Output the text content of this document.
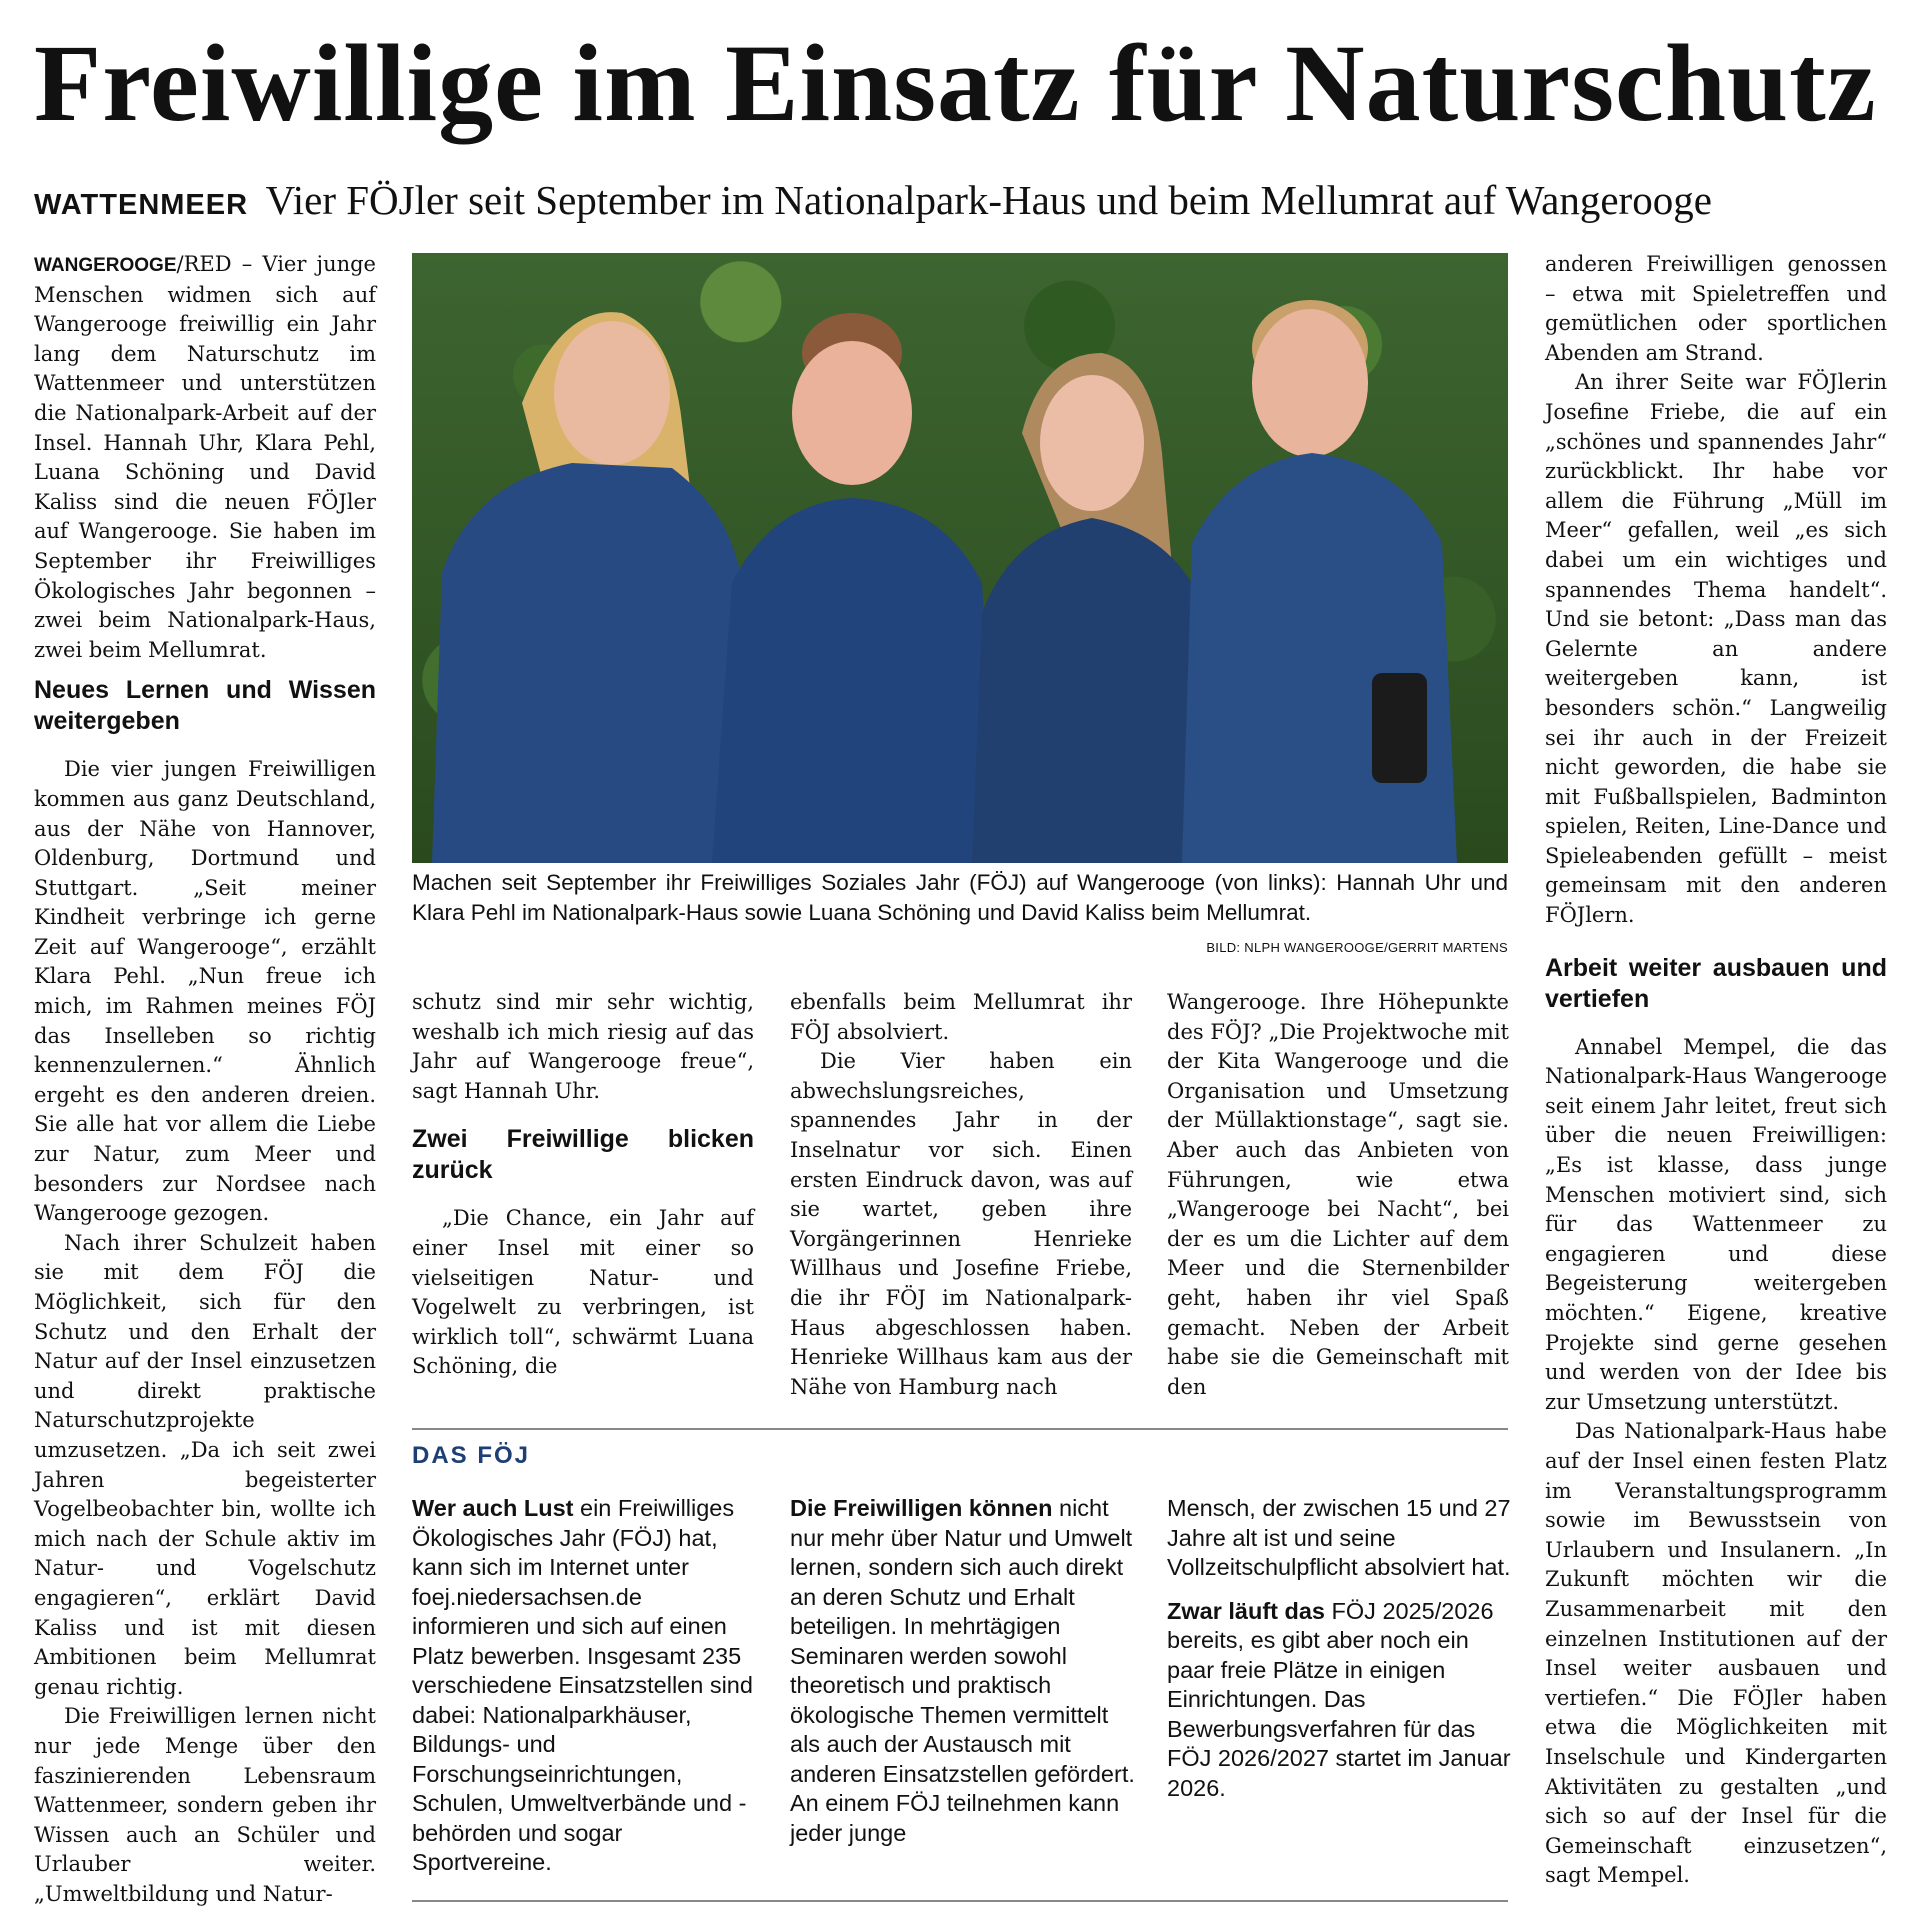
Freiwillige im Einsatz für Naturschutz
WATTENMEER Vier FÖJler seit September im Nationalpark-Haus und beim Mellumrat auf Wangerooge

WANGEROOGE/RED – Vier junge Menschen widmen sich auf Wangerooge freiwillig ein Jahr lang dem Naturschutz im Wattenmeer und unterstützen die Nationalpark-Arbeit auf der Insel. Hannah Uhr, Klara Pehl, Luana Schöning und David Kaliss sind die neuen FÖJler auf Wangerooge. Sie haben im September ihr Freiwilliges Ökologisches Jahr begonnen – zwei beim Nationalpark-Haus, zwei beim Mellumrat.

Neues Lernen und Wissen weitergeben

Die vier jungen Freiwilligen kommen aus ganz Deutschland, aus der Nähe von Hannover, Oldenburg, Dortmund und Stuttgart. „Seit meiner Kindheit verbringe ich gerne Zeit auf Wangerooge“, erzählt Klara Pehl. „Nun freue ich mich, im Rahmen meines FÖJ das Inselleben so richtig kennenzulernen.“ Ähnlich ergeht es den anderen dreien. Sie alle hat vor allem die Liebe zur Natur, zum Meer und besonders zur Nordsee nach Wangerooge gezogen.

Nach ihrer Schulzeit haben sie mit dem FÖJ die Möglichkeit, sich für den Schutz und den Erhalt der Natur auf der Insel einzusetzen und direkt praktische Naturschutzprojekte umzusetzen. „Da ich seit zwei Jahren begeisterter Vogelbeobachter bin, wollte ich mich nach der Schule aktiv im Natur- und Vogelschutz engagieren“, erklärt David Kaliss und ist mit diesen Ambitionen beim Mellumrat genau richtig.

Die Freiwilligen lernen nicht nur jede Menge über den faszinierenden Lebensraum Wattenmeer, sondern geben ihr Wissen auch an Schüler und Urlauber weiter. „Umweltbildung und Natur-

Machen seit September ihr Freiwilliges Soziales Jahr (FÖJ) auf Wangerooge (von links): Hannah Uhr und Klara Pehl im Nationalpark-Haus sowie Luana Schöning und David Kaliss beim Mellumrat.
BILD: NLPH WANGEROOGE/GERRIT MARTENS

schutz sind mir sehr wichtig, weshalb ich mich riesig auf das Jahr auf Wangerooge freue“, sagt Hannah Uhr.

Zwei Freiwillige blicken zurück

„Die Chance, ein Jahr auf einer Insel mit einer so vielseitigen Natur- und Vogelwelt zu verbringen, ist wirklich toll“, schwärmt Luana Schöning, die

ebenfalls beim Mellumrat ihr FÖJ absolviert.

Die Vier haben ein abwechslungsreiches, spannendes Jahr in der Inselnatur vor sich. Einen ersten Eindruck davon, was auf sie wartet, geben ihre Vorgängerinnen Henrieke Willhaus und Josefine Friebe, die ihr FÖJ im Nationalpark-Haus abgeschlossen haben. Henrieke Willhaus kam aus der Nähe von Hamburg nach

Wangerooge. Ihre Höhepunkte des FÖJ? „Die Projektwoche mit der Kita Wangerooge und die Organisation und Umsetzung der Müllaktionstage“, sagt sie. Aber auch das Anbieten von Führungen, wie etwa „Wangerooge bei Nacht“, bei der es um die Lichter auf dem Meer und die Sternenbilder geht, haben ihr viel Spaß gemacht. Neben der Arbeit habe sie die Gemeinschaft mit den

anderen Freiwilligen genossen – etwa mit Spieletreffen und gemütlichen oder sportlichen Abenden am Strand.

An ihrer Seite war FÖJlerin Josefine Friebe, die auf ein „schönes und spannendes Jahr“ zurückblickt. Ihr habe vor allem die Führung „Müll im Meer“ gefallen, weil „es sich dabei um ein wichtiges und spannendes Thema handelt“. Und sie betont: „Dass man das Gelernte an andere weitergeben kann, ist besonders schön.“ Langweilig sei ihr auch in der Freizeit nicht geworden, die habe sie mit Fußballspielen, Badminton spielen, Reiten, Line-Dance und Spieleabenden gefüllt – meist gemeinsam mit den anderen FÖJlern.

Arbeit weiter ausbauen und vertiefen

Annabel Mempel, die das Nationalpark-Haus Wangerooge seit einem Jahr leitet, freut sich über die neuen Freiwilligen: „Es ist klasse, dass junge Menschen motiviert sind, sich für das Wattenmeer zu engagieren und diese Begeisterung weitergeben möchten.“ Eigene, kreative Projekte sind gerne gesehen und werden von der Idee bis zur Umsetzung unterstützt.

Das Nationalpark-Haus habe auf der Insel einen festen Platz im Veranstaltungsprogramm sowie im Bewusstsein von Urlaubern und Insulanern. „In Zukunft möchten wir die Zusammenarbeit mit den einzelnen Institutionen auf der Insel weiter ausbauen und vertiefen.“ Die FÖJler haben etwa die Möglichkeiten mit Inselschule und Kindergarten Aktivitäten zu gestalten „und sich so auf der Insel für die Gemeinschaft einzusetzen“, sagt Mempel.

DAS FÖJ
Wer auch Lust ein Freiwilliges Ökologisches Jahr (FÖJ) hat, kann sich im Internet unter foej.niedersachsen.de informieren und sich auf einen Platz bewerben. Insgesamt 235 verschiedene Einsatzstellen sind dabei: Nationalparkhäuser, Bildungs- und Forschungseinrichtungen, Schulen, Umweltverbände und -behörden und sogar Sportvereine.
Die Freiwilligen können nicht nur mehr über Natur und Umwelt lernen, sondern sich auch direkt an deren Schutz und Erhalt beteiligen. In mehrtägigen Seminaren werden sowohl theoretisch und praktisch ökologische Themen vermittelt als auch der Austausch mit anderen Einsatzstellen gefördert. An einem FÖJ teilnehmen kann jeder junge
Mensch, der zwischen 15 und 27 Jahre alt ist und seine Vollzeitschulpflicht absolviert hat.
Zwar läuft das FÖJ 2025/2026 bereits, es gibt aber noch ein paar freie Plätze in einigen Einrichtungen. Das Bewerbungsverfahren für das FÖJ 2026/2027 startet im Januar 2026.
